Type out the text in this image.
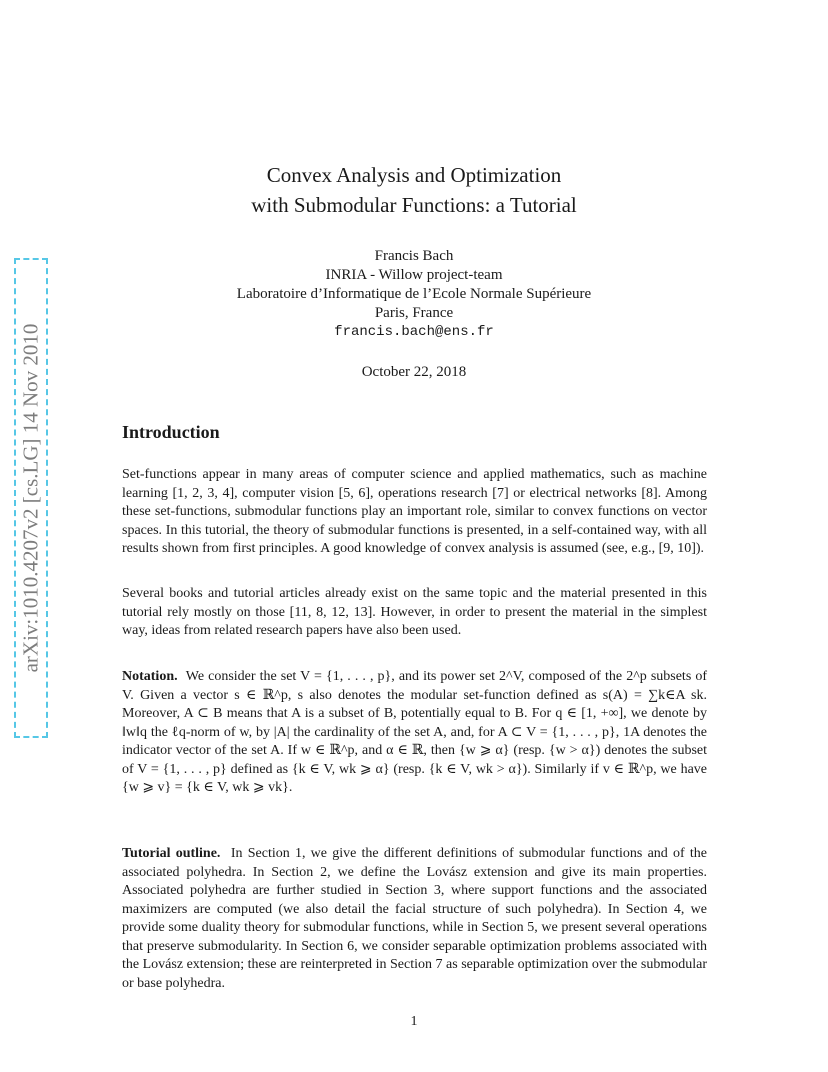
arXiv:1010.4207v2 [cs.LG] 14 Nov 2010
Convex Analysis and Optimization
with Submodular Functions: a Tutorial
Francis Bach
INRIA - Willow project-team
Laboratoire d’Informatique de l’Ecole Normale Supérieure
Paris, France
francis.bach@ens.fr
October 22, 2018
Introduction
Set-functions appear in many areas of computer science and applied mathematics, such as machine learning [1, 2, 3, 4], computer vision [5, 6], operations research [7] or electrical networks [8]. Among these set-functions, submodular functions play an important role, similar to convex functions on vector spaces. In this tutorial, the theory of submodular functions is presented, in a self-contained way, with all results shown from first principles. A good knowledge of convex analysis is assumed (see, e.g., [9, 10]).
Several books and tutorial articles already exist on the same topic and the material presented in this tutorial rely mostly on those [11, 8, 12, 13]. However, in order to present the material in the simplest way, ideas from related research papers have also been used.
Notation. We consider the set V = {1, . . . , p}, and its power set 2^V, composed of the 2^p subsets of V. Given a vector s ∈ ℝ^p, s also denotes the modular set-function defined as s(A) = ∑k∈A sk. Moreover, A ⊂ B means that A is a subset of B, potentially equal to B. For q ∈ [1, +∞], we denote by ‖w‖q the ℓq-norm of w, by |A| the cardinality of the set A, and, for A ⊂ V = {1, . . . , p}, 1A denotes the indicator vector of the set A. If w ∈ ℝ^p, and α ∈ ℝ, then {w ⩾ α} (resp. {w > α}) denotes the subset of V = {1, . . . , p} defined as {k ∈ V, wk ⩾ α} (resp. {k ∈ V, wk > α}). Similarly if v ∈ ℝ^p, we have {w ⩾ v} = {k ∈ V, wk ⩾ vk}.
Tutorial outline. In Section 1, we give the different definitions of submodular functions and of the associated polyhedra. In Section 2, we define the Lovász extension and give its main properties. Associated polyhedra are further studied in Section 3, where support functions and the associated maximizers are computed (we also detail the facial structure of such polyhedra). In Section 4, we provide some duality theory for submodular functions, while in Section 5, we present several operations that preserve submodularity. In Section 6, we consider separable optimization problems associated with the Lovász extension; these are reinterpreted in Section 7 as separable optimization over the submodular or base polyhedra.
1
